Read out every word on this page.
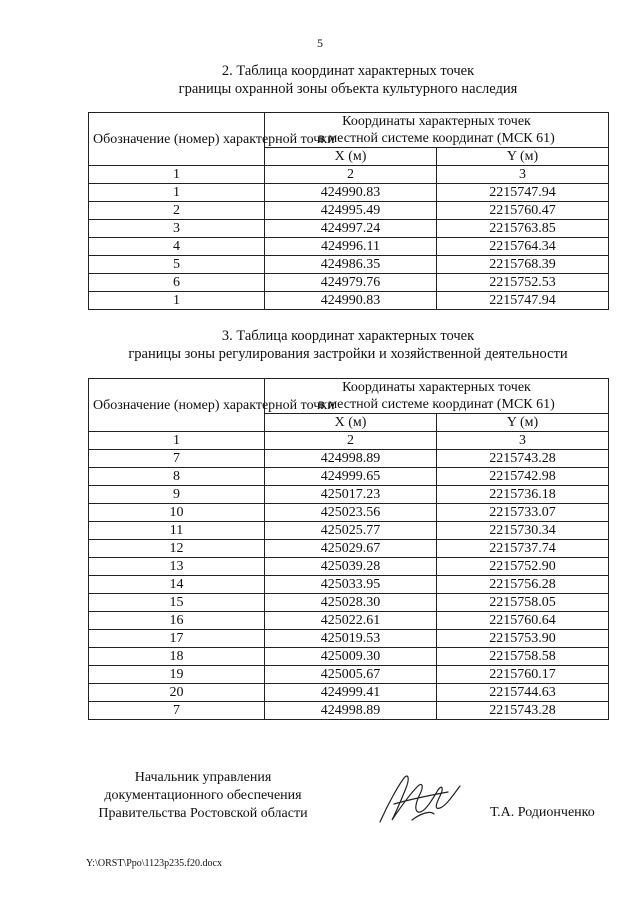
5
2. Таблица координат характерных точек
границы охранной зоны объекта культурного наследия
Обозначение (номер) характерной точки	Координаты характерных точек
в местной системе координат (МСК 61)	

	X (м)	Y (м)
1	2	3
1	424990.83	2215747.94
2	424995.49	2215760.47
3	424997.24	2215763.85
4	424996.11	2215764.34
5	424986.35	2215768.39
6	424979.76	2215752.53
1	424990.83	2215747.94
3. Таблица координат характерных точек
границы зоны регулирования застройки и хозяйственной деятельности
Обозначение (номер) характерной точки	Координаты характерных точек
в местной системе координат (МСК 61)	

	X (м)	Y (м)
1	2	3
7	424998.89	2215743.28
8	424999.65	2215742.98
9	425017.23	2215736.18
10	425023.56	2215733.07
11	425025.77	2215730.34
12	425029.67	2215737.74
13	425039.28	2215752.90
14	425033.95	2215756.28
15	425028.30	2215758.05
16	425022.61	2215760.64
17	425019.53	2215753.90
18	425009.30	2215758.58
19	425005.67	2215760.17
20	424999.41	2215744.63
7	424998.89	2215743.28
Начальник управления
документационного обеспечения
Правительства Ростовской области	Т.А. Родионченко
Y:\ORST\Ppo\1123p235.f20.docx
